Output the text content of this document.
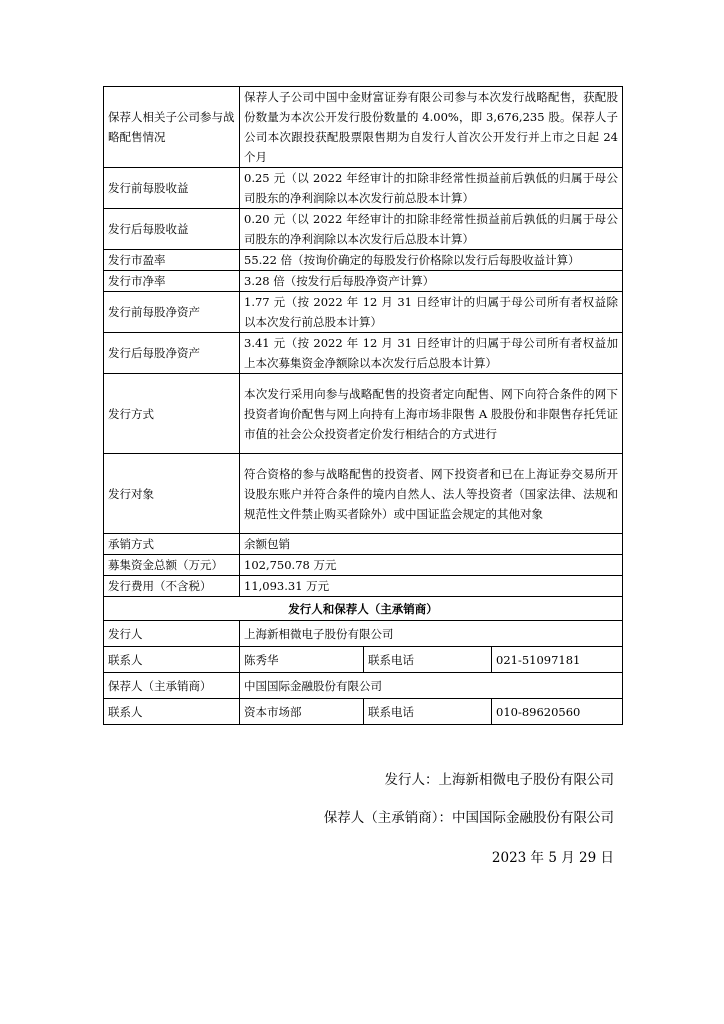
保荐人相关子公司参与战略配售情况	保荐人子公司中国中金财富证券有限公司参与本次发行战略配售，获配股份数量为本次公开发行股份数量的 4.00%，即 3,676,235 股。保荐人子公司本次跟投获配股票限售期为自发行人首次公开发行并上市之日起 24 个月		
发行前每股收益	0.25 元（以 2022 年经审计的扣除非经常性损益前后孰低的归属于母公司股东的净利润除以本次发行前总股本计算）		
发行后每股收益	0.20 元（以 2022 年经审计的扣除非经常性损益前后孰低的归属于母公司股东的净利润除以本次发行后总股本计算）		
发行市盈率	55.22 倍（按询价确定的每股发行价格除以发行后每股收益计算）		
发行市净率	3.28 倍（按发行后每股净资产计算）		
发行前每股净资产	1.77 元（按 2022 年 12 月 31 日经审计的归属于母公司所有者权益除以本次发行前总股本计算）		
发行后每股净资产	3.41 元（按 2022 年 12 月 31 日经审计的归属于母公司所有者权益加上本次募集资金净额除以本次发行后总股本计算）		
发行方式	本次发行采用向参与战略配售的投资者定向配售、网下向符合条件的网下投资者询价配售与网上向持有上海市场非限售 A 股股份和非限售存托凭证市值的社会公众投资者定价发行相结合的方式进行		
发行对象	符合资格的参与战略配售的投资者、网下投资者和已在上海证券交易所开设股东账户并符合条件的境内自然人、法人等投资者（国家法律、法规和规范性文件禁止购买者除外）或中国证监会规定的其他对象		
承销方式	余额包销		
募集资金总额（万元）	102,750.78 万元		
发行费用（不含税）	11,093.31 万元		
发行人和保荐人（主承销商）			
发行人	上海新相微电子股份有限公司		
联系人	陈秀华	联系电话	021-51097181
保荐人（主承销商）	中国国际金融股份有限公司		
联系人	资本市场部	联系电话	010-89620560
发行人：上海新相微电子股份有限公司
保荐人（主承销商）：中国国际金融股份有限公司
2023 年 5 月 29 日
